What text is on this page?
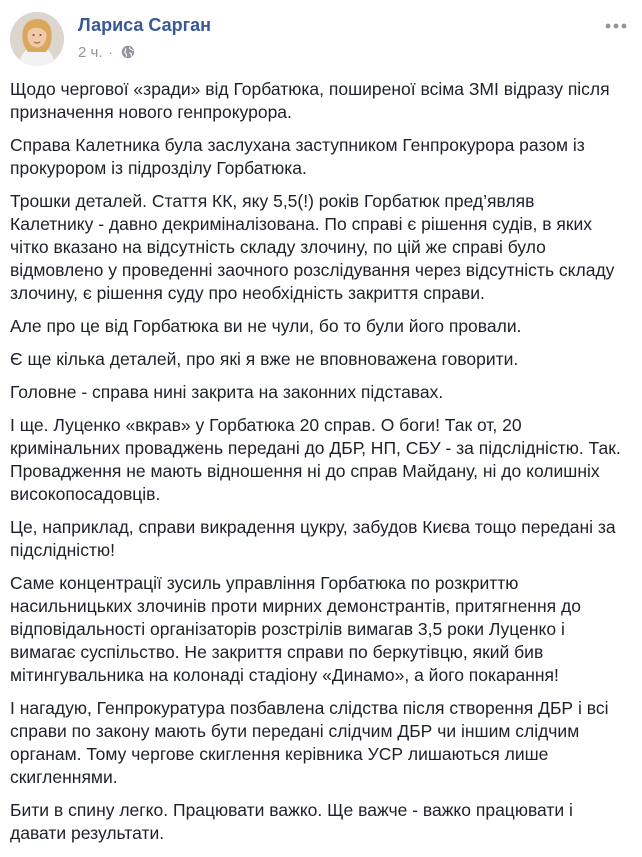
Лариса Сарган
2 ч. ·

Щодо чергової «зради» від Горбатюка, поширеної всіма ЗМІ відразу після призначення нового генпрокурора.

Справа Калетника була заслухана заступником Генпрокурора разом із прокурором із підрозділу Горбатюка.

Трошки деталей. Стаття КК, яку 5,5(!) років Горбатюк пред’являв Калетнику - давно декриміналізована. По справі є рішення судів, в яких чітко вказано на відсутність складу злочину, по цій же справі було відмовлено у проведенні заочного розслідування через відсутність складу злочину, є рішення суду про необхідність закриття справи.

Але про це від Горбатюка ви не чули, бо то були його провали.

Є ще кілька деталей, про які я вже не вповноважена говорити.

Головне - справа нині закрита на законних підставах.

І ще. Луценко «вкрав» у Горбатюка 20 справ. О боги! Так от, 20 кримінальних проваджень передані до ДБР, НП, СБУ - за підслідністю. Так. Провадження не мають відношення ні до справ Майдану, ні до колишніх високопосадовців.

Це, наприклад, справи викрадення цукру, забудов Києва тощо передані за підслідністю!

Саме концентрації зусиль управління Горбатюка по розкриттю насильницьких злочинів проти мирних демонстрантів, притягнення до відповідальності організаторів розстрілів вимагав 3,5 роки Луценко і вимагає суспільство. Не закриття справи по беркутівцю, який бив мітингувальника на колонаді стадіону «Динамо», а його покарання!

І нагадую, Генпрокуратура позбавлена слідства після створення ДБР і всі справи по закону мають бути передані слідчим ДБР чи іншим слідчим органам. Тому чергове скиглення керівника УСР лишаються лише скигленнями.

Бити в спину легко. Працювати важко. Ще важче - важко працювати і давати результати.
